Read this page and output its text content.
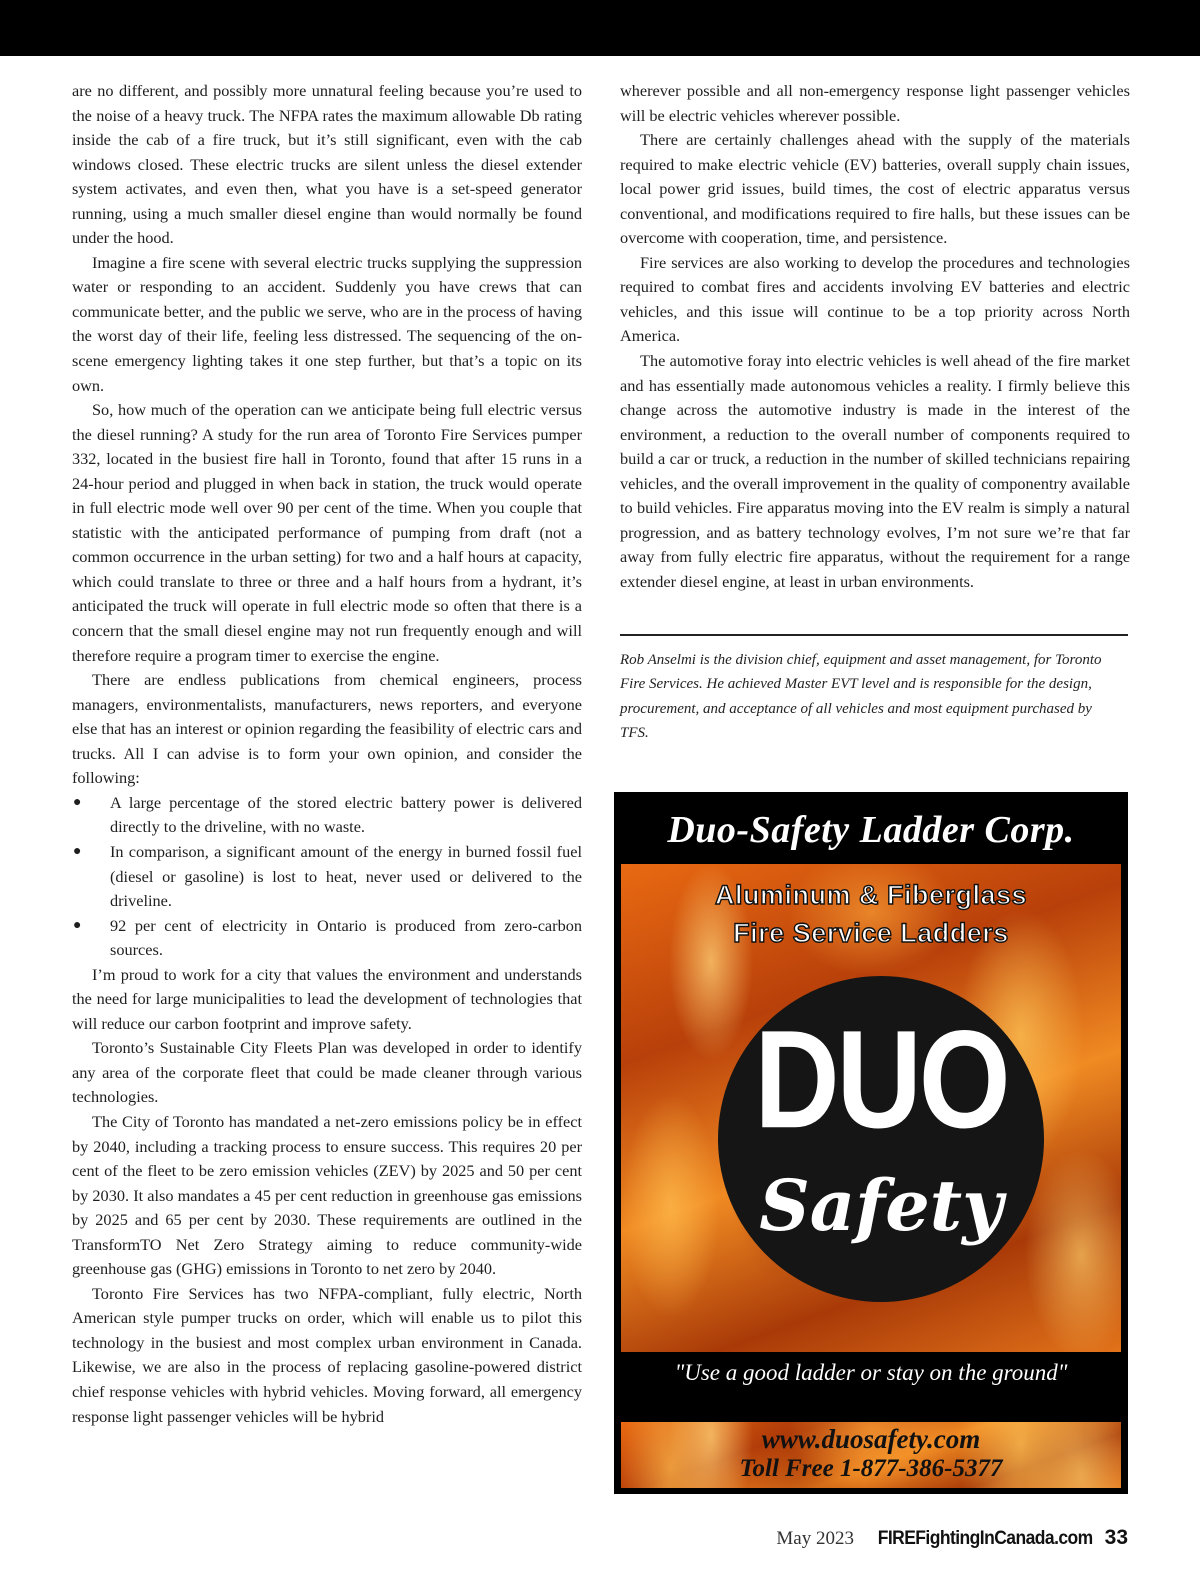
are no different, and possibly more unnatural feeling because you’re used to the noise of a heavy truck. The NFPA rates the maximum allowable Db rating inside the cab of a fire truck, but it’s still significant, even with the cab windows closed. These electric trucks are silent unless the diesel extender system activates, and even then, what you have is a set-speed generator running, using a much smaller diesel engine than would normally be found under the hood.

Imagine a fire scene with several electric trucks supplying the suppression water or responding to an accident. Suddenly you have crews that can communicate better, and the public we serve, who are in the process of having the worst day of their life, feeling less distressed. The sequencing of the on-scene emergency lighting takes it one step further, but that’s a topic on its own.

So, how much of the operation can we anticipate being full electric versus the diesel running? A study for the run area of Toronto Fire Services pumper 332, located in the busiest fire hall in Toronto, found that after 15 runs in a 24-hour period and plugged in when back in station, the truck would operate in full electric mode well over 90 per cent of the time. When you couple that statistic with the anticipated performance of pumping from draft (not a common occurrence in the urban setting) for two and a half hours at capacity, which could translate to three or three and a half hours from a hydrant, it’s anticipated the truck will operate in full electric mode so often that there is a concern that the small diesel engine may not run frequently enough and will therefore require a program timer to exercise the engine.

There are endless publications from chemical engineers, process managers, environmentalists, manufacturers, news reporters, and everyone else that has an interest or opinion regarding the feasibility of electric cars and trucks. All I can advise is to form your own opinion, and consider the following:

● A large percentage of the stored electric battery power is delivered directly to the driveline, with no waste.
● In comparison, a significant amount of the energy in burned fossil fuel (diesel or gasoline) is lost to heat, never used or delivered to the driveline.
● 92 per cent of electricity in Ontario is produced from zero-carbon sources.

I’m proud to work for a city that values the environment and understands the need for large municipalities to lead the development of technologies that will reduce our carbon footprint and improve safety.

Toronto’s Sustainable City Fleets Plan was developed in order to identify any area of the corporate fleet that could be made cleaner through various technologies.

The City of Toronto has mandated a net-zero emissions policy be in effect by 2040, including a tracking process to ensure success. This requires 20 per cent of the fleet to be zero emission vehicles (ZEV) by 2025 and 50 per cent by 2030. It also mandates a 45 per cent reduction in greenhouse gas emissions by 2025 and 65 per cent by 2030. These requirements are outlined in the TransformTO Net Zero Strategy aiming to reduce community-wide greenhouse gas (GHG) emissions in Toronto to net zero by 2040.

Toronto Fire Services has two NFPA-compliant, fully electric, North American style pumper trucks on order, which will enable us to pilot this technology in the busiest and most complex urban environment in Canada. Likewise, we are also in the process of replacing gasoline-powered district chief response vehicles with hybrid vehicles. Moving forward, all emergency response light passenger vehicles will be hybrid

wherever possible and all non-emergency response light passenger vehicles will be electric vehicles wherever possible.

There are certainly challenges ahead with the supply of the materials required to make electric vehicle (EV) batteries, overall supply chain issues, local power grid issues, build times, the cost of electric apparatus versus conventional, and modifications required to fire halls, but these issues can be overcome with cooperation, time, and persistence.

Fire services are also working to develop the procedures and technologies required to combat fires and accidents involving EV batteries and electric vehicles, and this issue will continue to be a top priority across North America.

The automotive foray into electric vehicles is well ahead of the fire market and has essentially made autonomous vehicles a reality. I firmly believe this change across the automotive industry is made in the interest of the environment, a reduction to the overall number of components required to build a car or truck, a reduction in the number of skilled technicians repairing vehicles, and the overall improvement in the quality of componentry available to build vehicles. Fire apparatus moving into the EV realm is simply a natural progression, and as battery technology evolves, I’m not sure we’re that far away from fully electric fire apparatus, without the requirement for a range extender diesel engine, at least in urban environments.

Rob Anselmi is the division chief, equipment and asset management, for Toronto Fire Services. He achieved Master EVT level and is responsible for the design, procurement, and acceptance of all vehicles and most equipment purchased by TFS.
Duo-Safety Ladder Corp.
Aluminum & Fiberglass
Fire Service Ladders
DUO
Safety
"Use a good ladder or stay on the ground"
www.duosafety.com
Toll Free 1-877-386-5377
May 2023 FIREFightingInCanada.com 33
